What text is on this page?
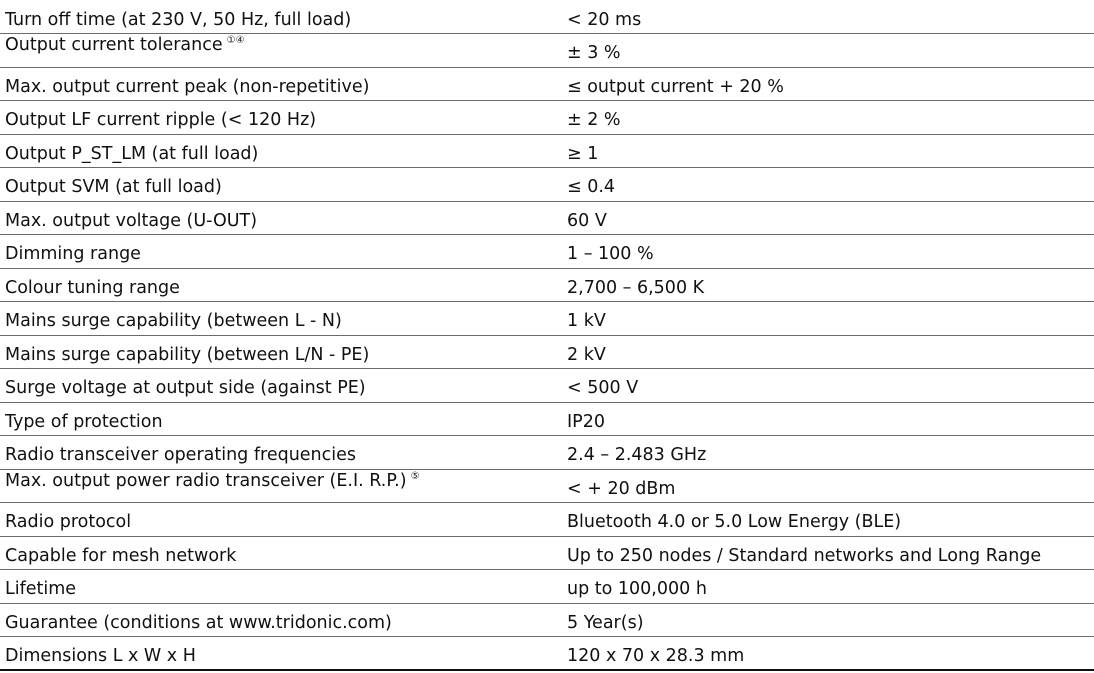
Turn off time (at 230 V, 50 Hz, full load)	< 20 ms
Output current tolerance ①④	± 3 %
Max. output current peak (non-repetitive)	≤ output current + 20 %
Output LF current ripple (< 120 Hz)	± 2 %
Output P_ST_LM (at full load)	≥ 1
Output SVM (at full load)	≤ 0.4
Max. output voltage (U-OUT)	60 V
Dimming range	1 – 100 %
Colour tuning range	2,700 – 6,500 K
Mains surge capability (between L - N)	1 kV
Mains surge capability (between L/N - PE)	2 kV
Surge voltage at output side (against PE)	< 500 V
Type of protection	IP20
Radio transceiver operating frequencies	2.4 – 2.483 GHz
Max. output power radio transceiver (E.I. R.P.) ⑤	< + 20 dBm
Radio protocol	Bluetooth 4.0 or 5.0 Low Energy (BLE)
Capable for mesh network	Up to 250 nodes / Standard networks and Long Range
Lifetime	up to 100,000 h
Guarantee (conditions at www.tridonic.com)	5 Year(s)
Dimensions L x W x H	120 x 70 x 28.3 mm
